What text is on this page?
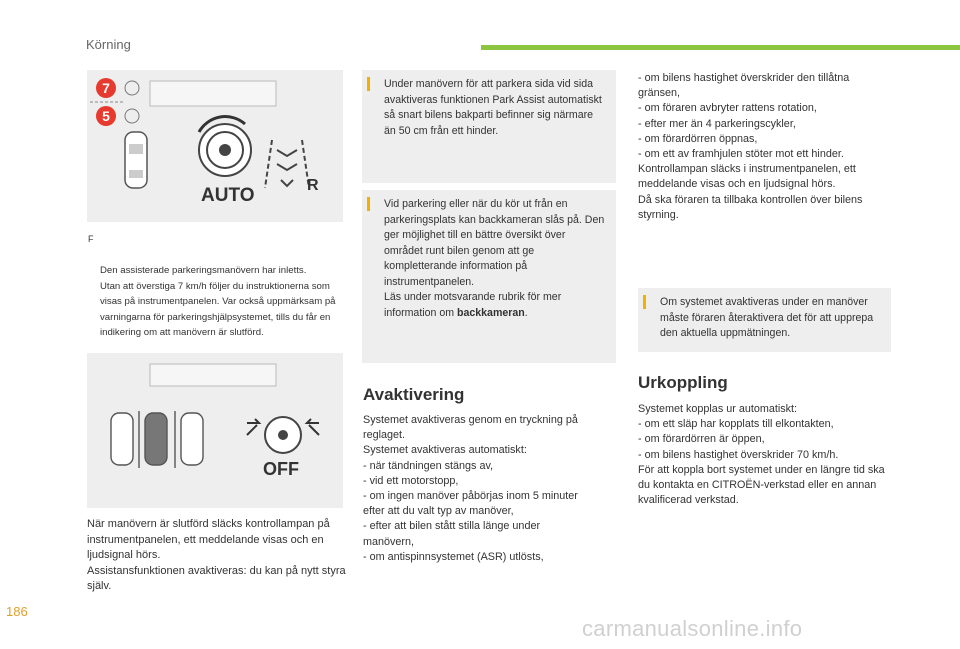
Körning
7
5
AUTO	R

F

Den assisterade parkeringsmanövern har inletts.
Utan att överstiga 7 km/h följer du instruktionerna som visas på instrumentpanelen. Var också uppmärksam på varningarna för parkeringshjälpsystemet, tills du får en indikering om att manövern är slutförd.

OFF
När manövern är slutförd släcks kontrollampan på instrumentpanelen, ett meddelande visas och en ljudsignal hörs.
Assistansfunktionen avaktiveras: du kan på nytt styra själv.

Under manövern för att parkera sida vid sida avaktiveras funktionen Park Assist automatiskt så snart bilens bakparti befinner sig närmare än 50 cm från ett hinder.

Vid parkering eller när du kör ut från en parkeringsplats kan backkameran slås på. Den ger möjlighet till en bättre översikt över området runt bilen genom att ge kompletterande information på instrumentpanelen.
Läs under motsvarande rubrik för mer information om backkameran.

Avaktivering
Systemet avaktiveras genom en tryckning på reglaget.
Systemet avaktiveras automatiskt:
- när tändningen stängs av,
- vid ett motorstopp,
- om ingen manöver påbörjas inom 5 minuter
efter att du valt typ av manöver,
- efter att bilen stått stilla länge under
manövern,
- om antispinnsystemet (ASR) utlösts,
- om bilens hastighet överskrider den tillåtna
gränsen,
- om föraren avbryter rattens rotation,
- efter mer än 4 parkeringscykler,
- om förardörren öppnas,
- om ett av framhjulen stöter mot ett hinder.
Kontrollampan släcks i instrumentpanelen, ett meddelande visas och en ljudsignal hörs.
Då ska föraren ta tillbaka kontrollen över bilens styrning.

Om systemet avaktiveras under en manöver måste föraren återaktivera det för att upprepa den aktuella uppmätningen.

Urkoppling
Systemet kopplas ur automatiskt:
- om ett släp har kopplats till elkontakten,
- om förardörren är öppen,
- om bilens hastighet överskrider 70 km/h.
För att koppla bort systemet under en längre tid ska du kontakta en CITROËN-verkstad eller en annan kvalificerad verkstad.
186
carmanualsonline.info
